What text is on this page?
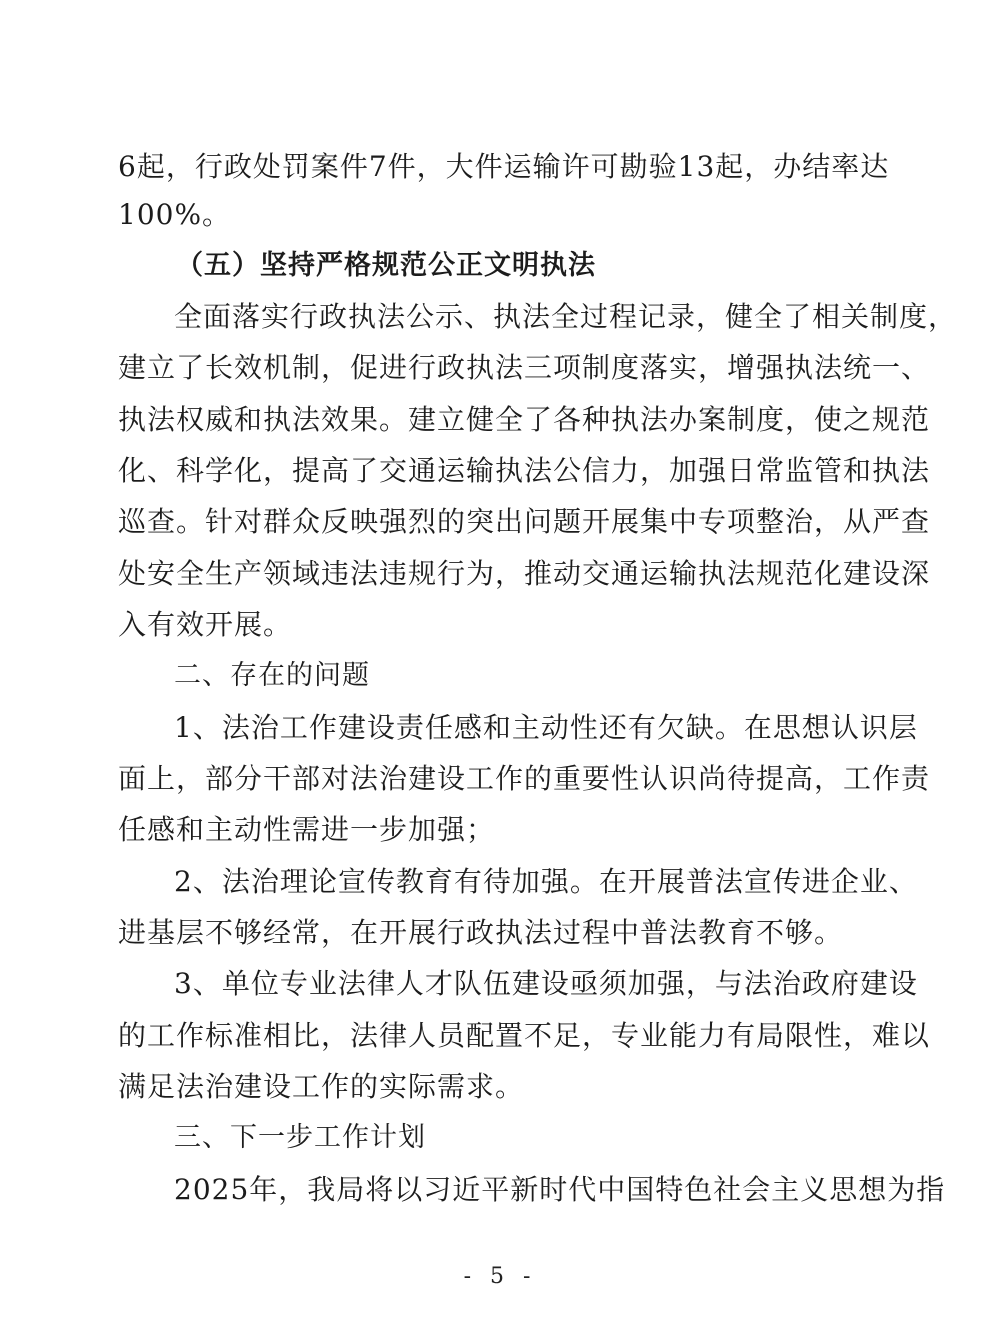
6起，行政处罚案件7件，大件运输许可勘验13起，办结率达
100%。
（五）坚持严格规范公正文明执法
全面落实行政执法公示、执法全过程记录，健全了相关制度，
建立了长效机制，促进行政执法三项制度落实，增强执法统一、
执法权威和执法效果。建立健全了各种执法办案制度，使之规范
化、科学化，提高了交通运输执法公信力，加强日常监管和执法
巡查。针对群众反映强烈的突出问题开展集中专项整治，从严查
处安全生产领域违法违规行为，推动交通运输执法规范化建设深
入有效开展。
二、存在的问题
1、法治工作建设责任感和主动性还有欠缺。在思想认识层
面上，部分干部对法治建设工作的重要性认识尚待提高，工作责
任感和主动性需进一步加强；
2、法治理论宣传教育有待加强。在开展普法宣传进企业、
进基层不够经常，在开展行政执法过程中普法教育不够。
3、单位专业法律人才队伍建设亟须加强，与法治政府建设
的工作标准相比，法律人员配置不足，专业能力有局限性，难以
满足法治建设工作的实际需求。
三、下一步工作计划
2025年，我局将以习近平新时代中国特色社会主义思想为指
- 5 -
